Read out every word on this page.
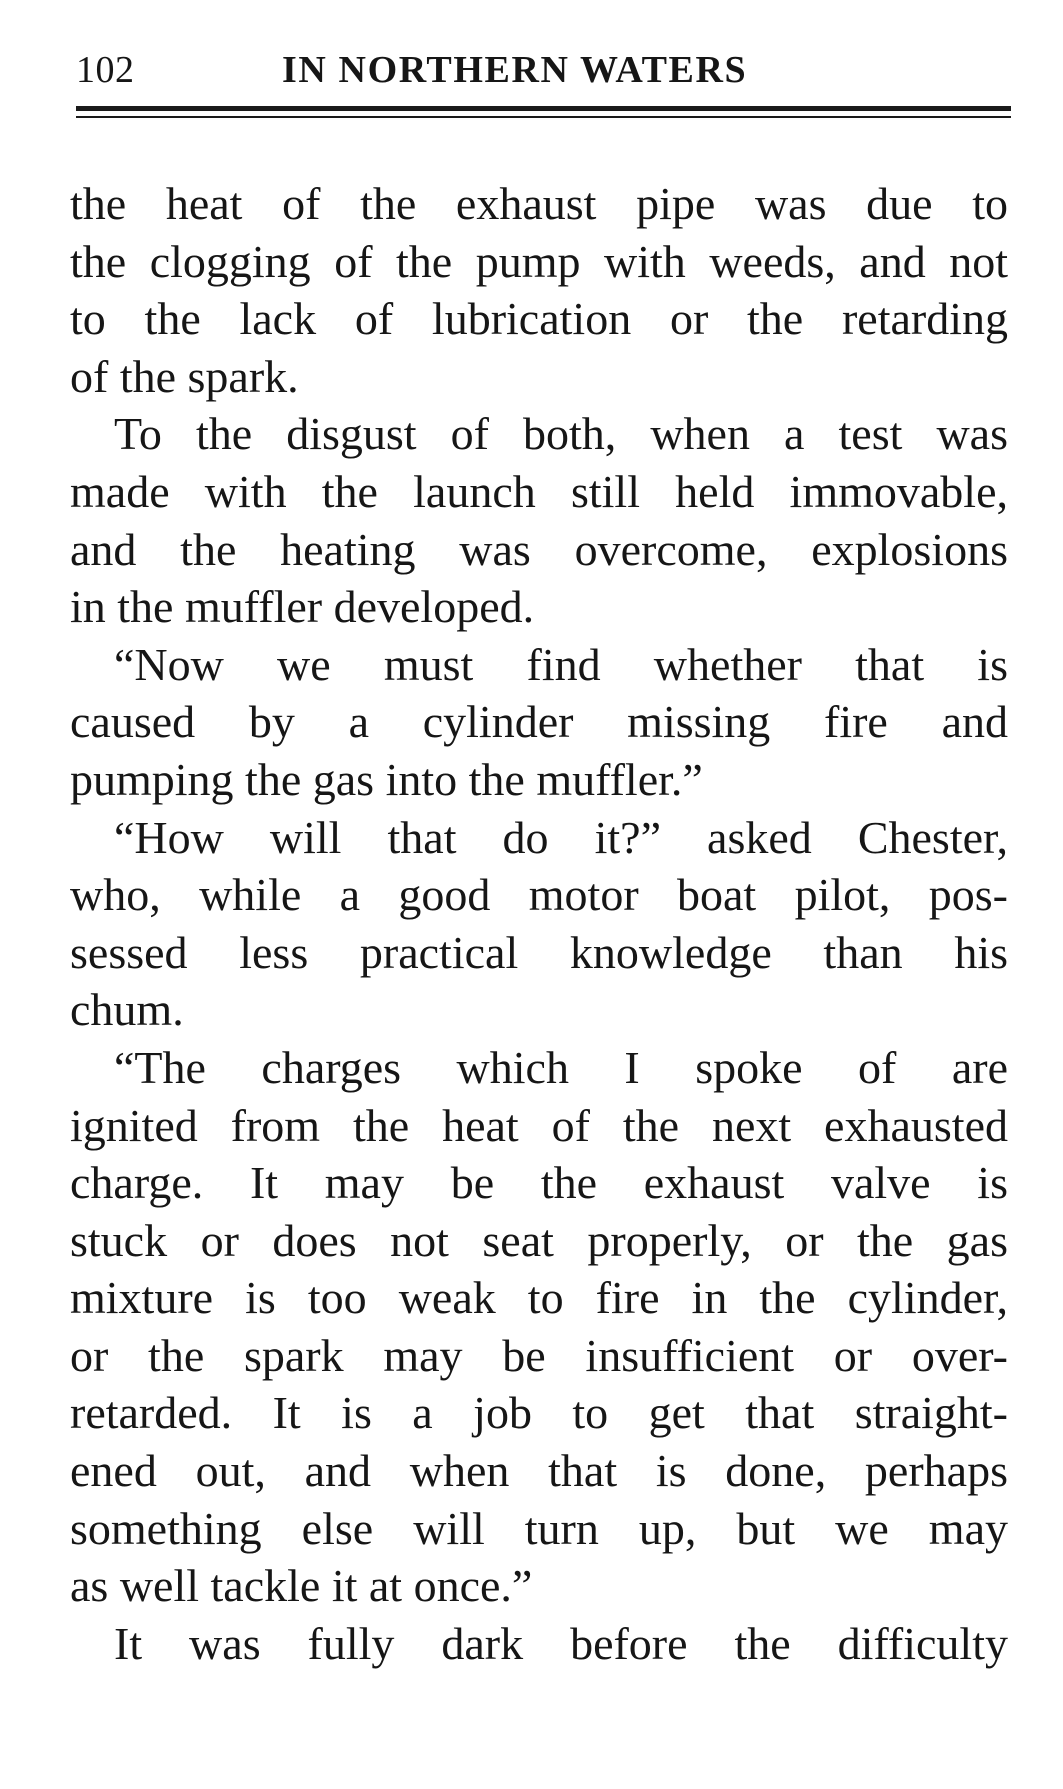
102	IN NORTHERN WATERS

the heat of the exhaust pipe was due to

the clogging of the pump with weeds, and not

to the lack of lubrication or the retarding

of the spark.

To the disgust of both, when a test was

made with the launch still held immovable,

and the heating was overcome, explosions

in the muffler developed.

“Now we must find whether that is

caused by a cylinder missing fire and

pumping the gas into the muffler.”

“How will that do it?” asked Chester,

who, while a good motor boat pilot, pos-

sessed less practical knowledge than his

chum.

“The charges which I spoke of are

ignited from the heat of the next exhausted

charge. It may be the exhaust valve is

stuck or does not seat properly, or the gas

mixture is too weak to fire in the cylinder,

or the spark may be insufficient or over-

retarded. It is a job to get that straight-

ened out, and when that is done, perhaps

something else will turn up, but we may

as well tackle it at once.”

It was fully dark before the difficulty
